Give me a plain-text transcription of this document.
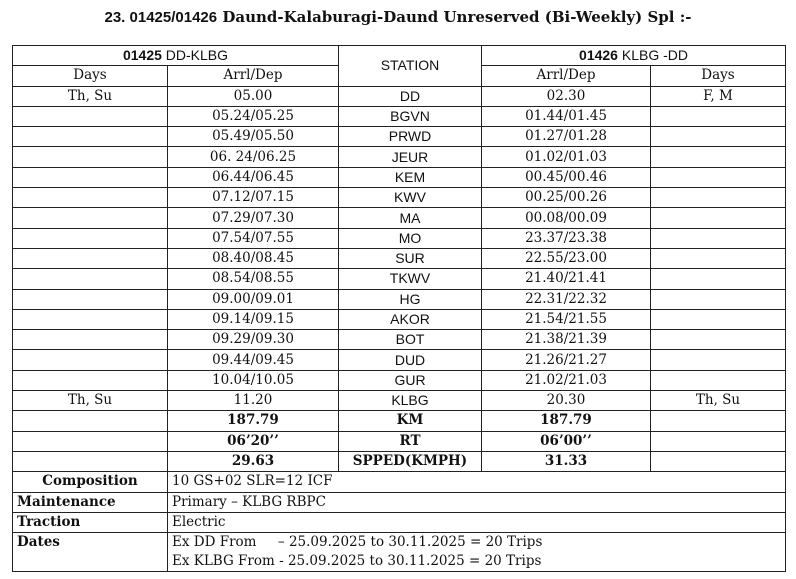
23. 01425/01426 Daund-Kalaburagi-Daund Unreserved (Bi-Weekly) Spl :-
01425 DD-KLBG		STATION	01426 KLBG -DD	
Days	Arrl/Dep		Arrl/Dep	Days
Th, Su	05.00	DD	02.30	F, M
	05.24/05.25	BGVN	01.44/01.45	
	05.49/05.50	PRWD	01.27/01.28	
	06. 24/06.25	JEUR	01.02/01.03	
	06.44/06.45	KEM	00.45/00.46	
	07.12/07.15	KWV	00.25/00.26	
	07.29/07.30	MA	00.08/00.09	
	07.54/07.55	MO	23.37/23.38	
	08.40/08.45	SUR	22.55/23.00	
	08.54/08.55	TKWV	21.40/21.41	
	09.00/09.01	HG	22.31/22.32	
	09.14/09.15	AKOR	21.54/21.55	
	09.29/09.30	BOT	21.38/21.39	
	09.44/09.45	DUD	21.26/21.27	
	10.04/10.05	GUR	21.02/21.03	
Th, Su	11.20	KLBG	20.30	Th, Su
	187.79	KM	187.79	
	06’20’’	RT	06’00’’	
	29.63	SPPED(KMPH)	31.33	
Composition	10 GS+02 SLR=12 ICF			
Maintenance	Primary – KLBG RBPC			
Traction	Electric			
Dates	Ex DD From     – 25.09.2025 to 30.11.2025 = 20 Trips
Ex KLBG From - 25.09.2025 to 30.11.2025 = 20 Trips			
